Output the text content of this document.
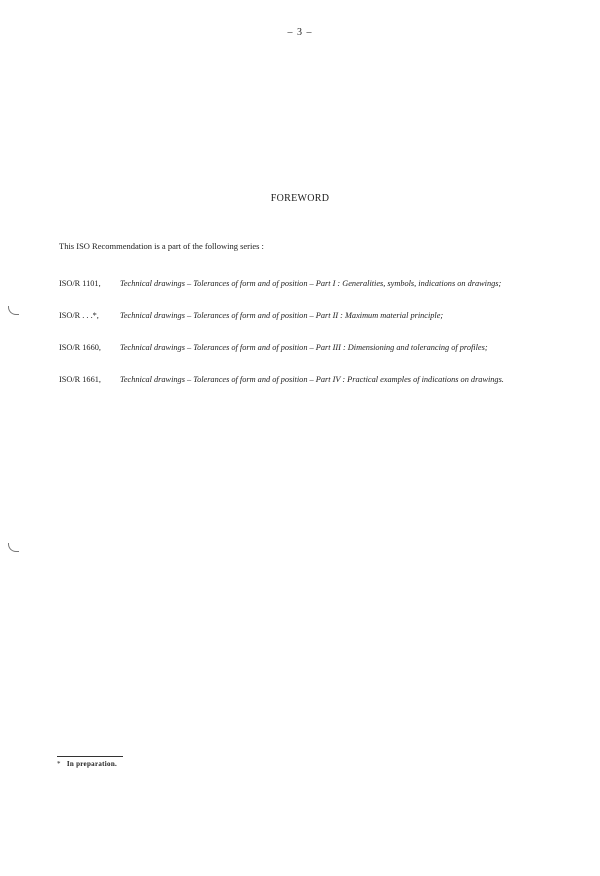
– 3 –
FOREWORD
This ISO Recommendation is a part of the following series :

ISO/R 1101, Technical drawings – Tolerances of form and of position – Part I : Generalities, symbols, indications on drawings;

ISO/R . . .*,	Technical drawings – Tolerances of form and of position – Part II : Maximum material principle;

ISO/R 1660, Technical drawings – Tolerances of form and of position – Part III : Dimensioning and tolerancing of profiles;

ISO/R 1661, Technical drawings – Tolerances of form and of position – Part IV : Practical examples of indications on drawings.

* In preparation.
